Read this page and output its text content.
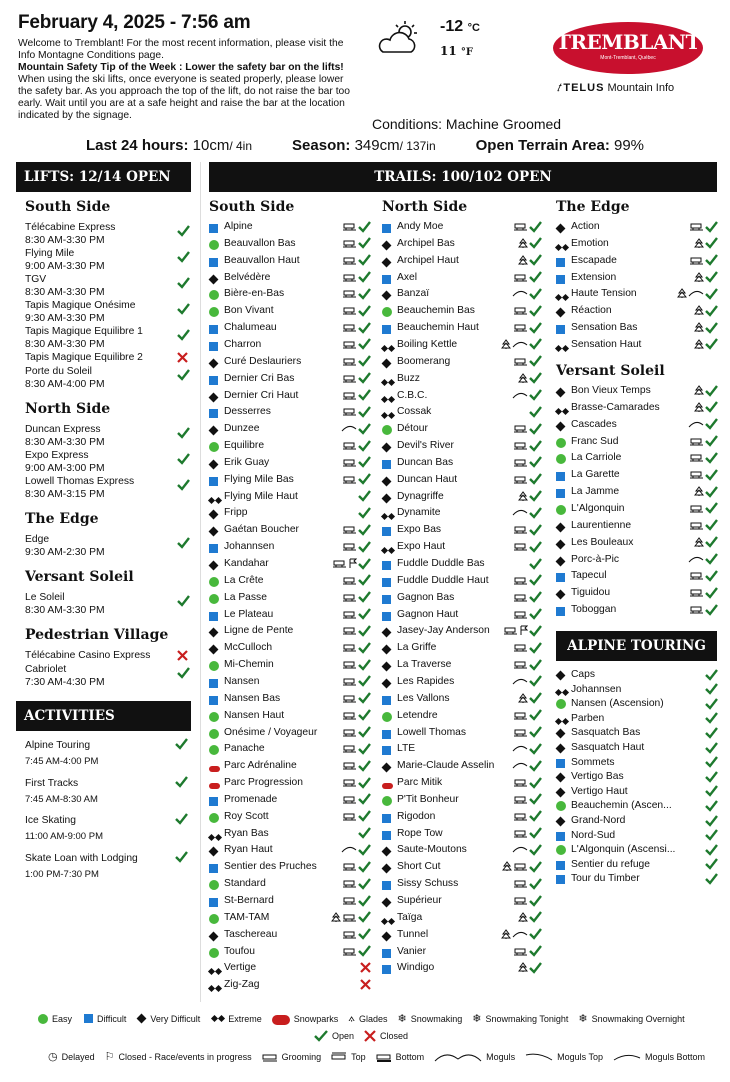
February 4, 2025 - 7:56 am
Welcome to Tremblant! For the most recent information, please visit the Info Montagne Conditions page.
Mountain Safety Tip of the Week : Lower the safety bar on the lifts!
When using the ski lifts, once everyone is seated properly, please lower the safety bar. As you approach the top of the lift, do not raise the bar too early. Wait until you are at a safe height and raise the bar at the location indicated by the signage.
-12 °C
11 °F	TREMBLANT
Mont-Tremblant, Québec
𝑡 TELUS Mountain Info
Conditions: Machine Groomed
Last 24 hours: 10cm/ 4in	Season: 349cm/ 137in	Open Terrain Area: 99%
LIFTS: 12/14 OPEN
South Side
Télécabine Express
8:30 AM-3:30 PM
Flying Mile
9:00 AM-3:30 PM
TGV
8:30 AM-3:30 PM
Tapis Magique Onésime
9:30 AM-3:30 PM
Tapis Magique Equilibre 1
8:30 AM-3:30 PM
Tapis Magique Equilibre 2
Porte du Soleil
8:30 AM-4:00 PM
North Side
Duncan Express
8:30 AM-3:30 PM
Expo Express
9:00 AM-3:00 PM
Lowell Thomas Express
8:30 AM-3:15 PM
The Edge
Edge
9:30 AM-2:30 PM
Versant Soleil
Le Soleil
8:30 AM-3:30 PM
Pedestrian Village
Télécabine Casino Express
Cabriolet
7:30 AM-4:30 PM
ACTIVITIES
Alpine Touring
7:45 AM-4:00 PM
First Tracks
7:45 AM-8:30 AM
Ice Skating
11:00 AM-9:00 PM
Skate Loan with Lodging
1:00 PM-7:30 PM
TRAILS: 100/102 OPEN
South Side
Alpine
Beauvallon Bas
Beauvallon Haut
Belvédère
Bière-en-Bas
Bon Vivant
Chalumeau
Charron
Curé Deslauriers
Dernier Cri Bas
Dernier Cri Haut
Desserres
Dunzee
Equilibre
Erik Guay
Flying Mile Bas
Flying Mile Haut
Fripp
Gaétan Boucher
Johannsen
Kandahar
La Crête
La Passe
Le Plateau
Ligne de Pente
McCulloch
Mi-Chemin
Nansen
Nansen Bas
Nansen Haut
Onésime / Voyageur
Panache
Parc Adrénaline
Parc Progression
Promenade
Roy Scott
Ryan Bas
Ryan Haut
Sentier des Pruches
Standard
St-Bernard
TAM-TAM
Taschereau
Toufou
Vertige
Zig-Zag
North Side
Andy Moe
Archipel Bas
Archipel Haut
Axel
Banzaï
Beauchemin Bas
Beauchemin Haut
Boiling Kettle
Boomerang
Buzz
C.B.C.
Cossak
Détour
Devil's River
Duncan Bas
Duncan Haut
Dynagriffe
Dynamite
Expo Bas
Expo Haut
Fuddle Duddle Bas
Fuddle Duddle Haut
Gagnon Bas
Gagnon Haut
Jasey-Jay Anderson
La Griffe
La Traverse
Les Rapides
Les Vallons
Letendre
Lowell Thomas
LTE
Marie-Claude Asselin
Parc Mitik
P'Tit Bonheur
Rigodon
Rope Tow
Saute-Moutons
Short Cut
Sissy Schuss
Supérieur
Taïga
Tunnel
Vanier
Windigo
The Edge
Action
Emotion
Escapade
Extension
Haute Tension
Réaction
Sensation Bas
Sensation Haut
Versant Soleil
Bon Vieux Temps
Brasse-Camarades
Cascades
Franc Sud
La Carriole
La Garette
La Jamme
L'Algonquin
Laurentienne
Les Bouleaux
Porc-à-Pic
Tapecul
Tiguidou
Toboggan
ALPINE TOURING
Caps
Johannsen
Nansen (Ascension)
Parben
Sasquatch Bas
Sasquatch Haut
Sommets
Vertigo Bas
Vertigo Haut
Beauchemin (Ascen...
Grand-Nord
Nord-Sud
L'Algonquin (Ascensi...
Sentier du refuge
Tour du Timber
Easy	Difficult	Very Difficult	Extreme	Snowparks ⟑ Glades ❄ Snowmaking ❄ Snowmaking Tonight ❄ Snowmaking Overnight
Open	Closed
◷ Delayed ⚐ Closed - Race/events in progress	Grooming	Top	Bottom	Moguls	Moguls Top	Moguls Bottom
